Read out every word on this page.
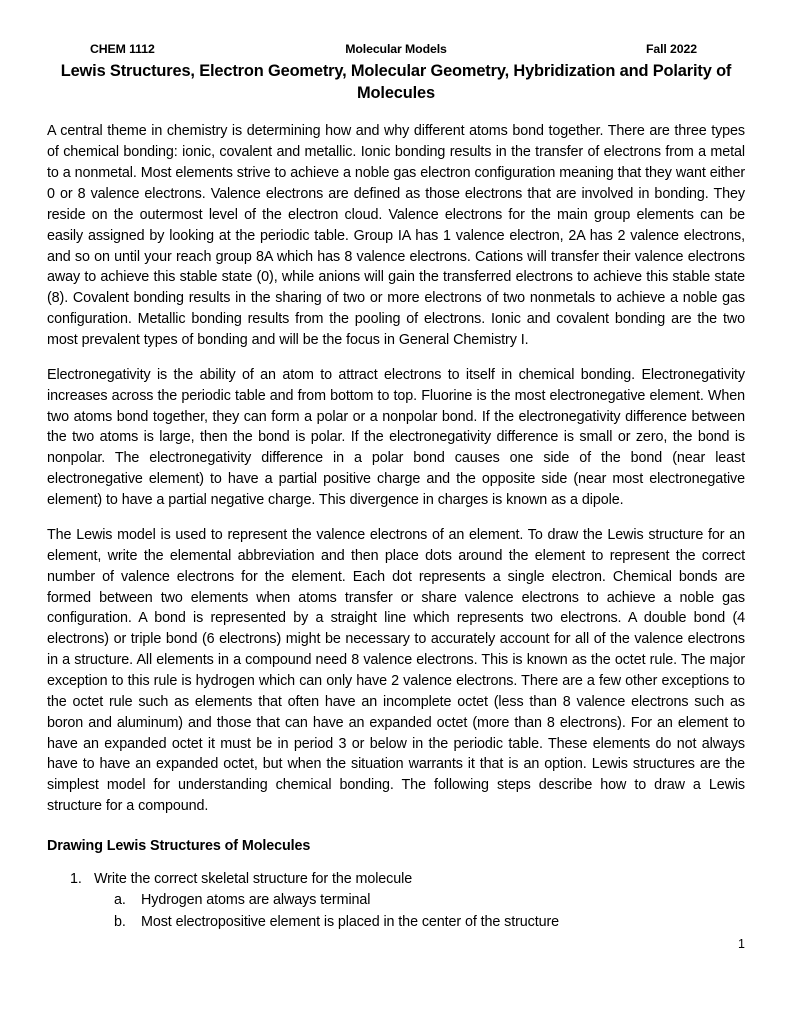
CHEM 1112	Molecular Models	Fall 2022
Lewis Structures, Electron Geometry, Molecular Geometry, Hybridization and Polarity of Molecules

A central theme in chemistry is determining how and why different atoms bond together. There are three types of chemical bonding: ionic, covalent and metallic. Ionic bonding results in the transfer of electrons from a metal to a nonmetal. Most elements strive to achieve a noble gas electron configuration meaning that they want either 0 or 8 valence electrons. Valence electrons are defined as those electrons that are involved in bonding. They reside on the outermost level of the electron cloud. Valence electrons for the main group elements can be easily assigned by looking at the periodic table. Group IA has 1 valence electron, 2A has 2 valence electrons, and so on until your reach group 8A which has 8 valence electrons. Cations will transfer their valence electrons away to achieve this stable state (0), while anions will gain the transferred electrons to achieve this stable state (8). Covalent bonding results in the sharing of two or more electrons of two nonmetals to achieve a noble gas configuration. Metallic bonding results from the pooling of electrons. Ionic and covalent bonding are the two most prevalent types of bonding and will be the focus in General Chemistry I.

Electronegativity is the ability of an atom to attract electrons to itself in chemical bonding. Electronegativity increases across the periodic table and from bottom to top. Fluorine is the most electronegative element. When two atoms bond together, they can form a polar or a nonpolar bond. If the electronegativity difference between the two atoms is large, then the bond is polar. If the electronegativity difference is small or zero, the bond is nonpolar. The electronegativity difference in a polar bond causes one side of the bond (near least electronegative element) to have a partial positive charge and the opposite side (near most electronegative element) to have a partial negative charge. This divergence in charges is known as a dipole.

The Lewis model is used to represent the valence electrons of an element. To draw the Lewis structure for an element, write the elemental abbreviation and then place dots around the element to represent the correct number of valence electrons for the element. Each dot represents a single electron. Chemical bonds are formed between two elements when atoms transfer or share valence electrons to achieve a noble gas configuration. A bond is represented by a straight line which represents two electrons. A double bond (4 electrons) or triple bond (6 electrons) might be necessary to accurately account for all of the valence electrons in a structure. All elements in a compound need 8 valence electrons. This is known as the octet rule. The major exception to this rule is hydrogen which can only have 2 valence electrons. There are a few other exceptions to the octet rule such as elements that often have an incomplete octet (less than 8 valence electrons such as boron and aluminum) and those that can have an expanded octet (more than 8 electrons). For an element to have an expanded octet it must be in period 3 or below in the periodic table. These elements do not always have to have an expanded octet, but when the situation warrants it that is an option. Lewis structures are the simplest model for understanding chemical bonding. The following steps describe how to draw a Lewis structure for a compound.

Drawing Lewis Structures of Molecules
1. Write the correct skeletal structure for the molecule
a.	Hydrogen atoms are always terminal
b.	Most electropositive element is placed in the center of the structure
1
